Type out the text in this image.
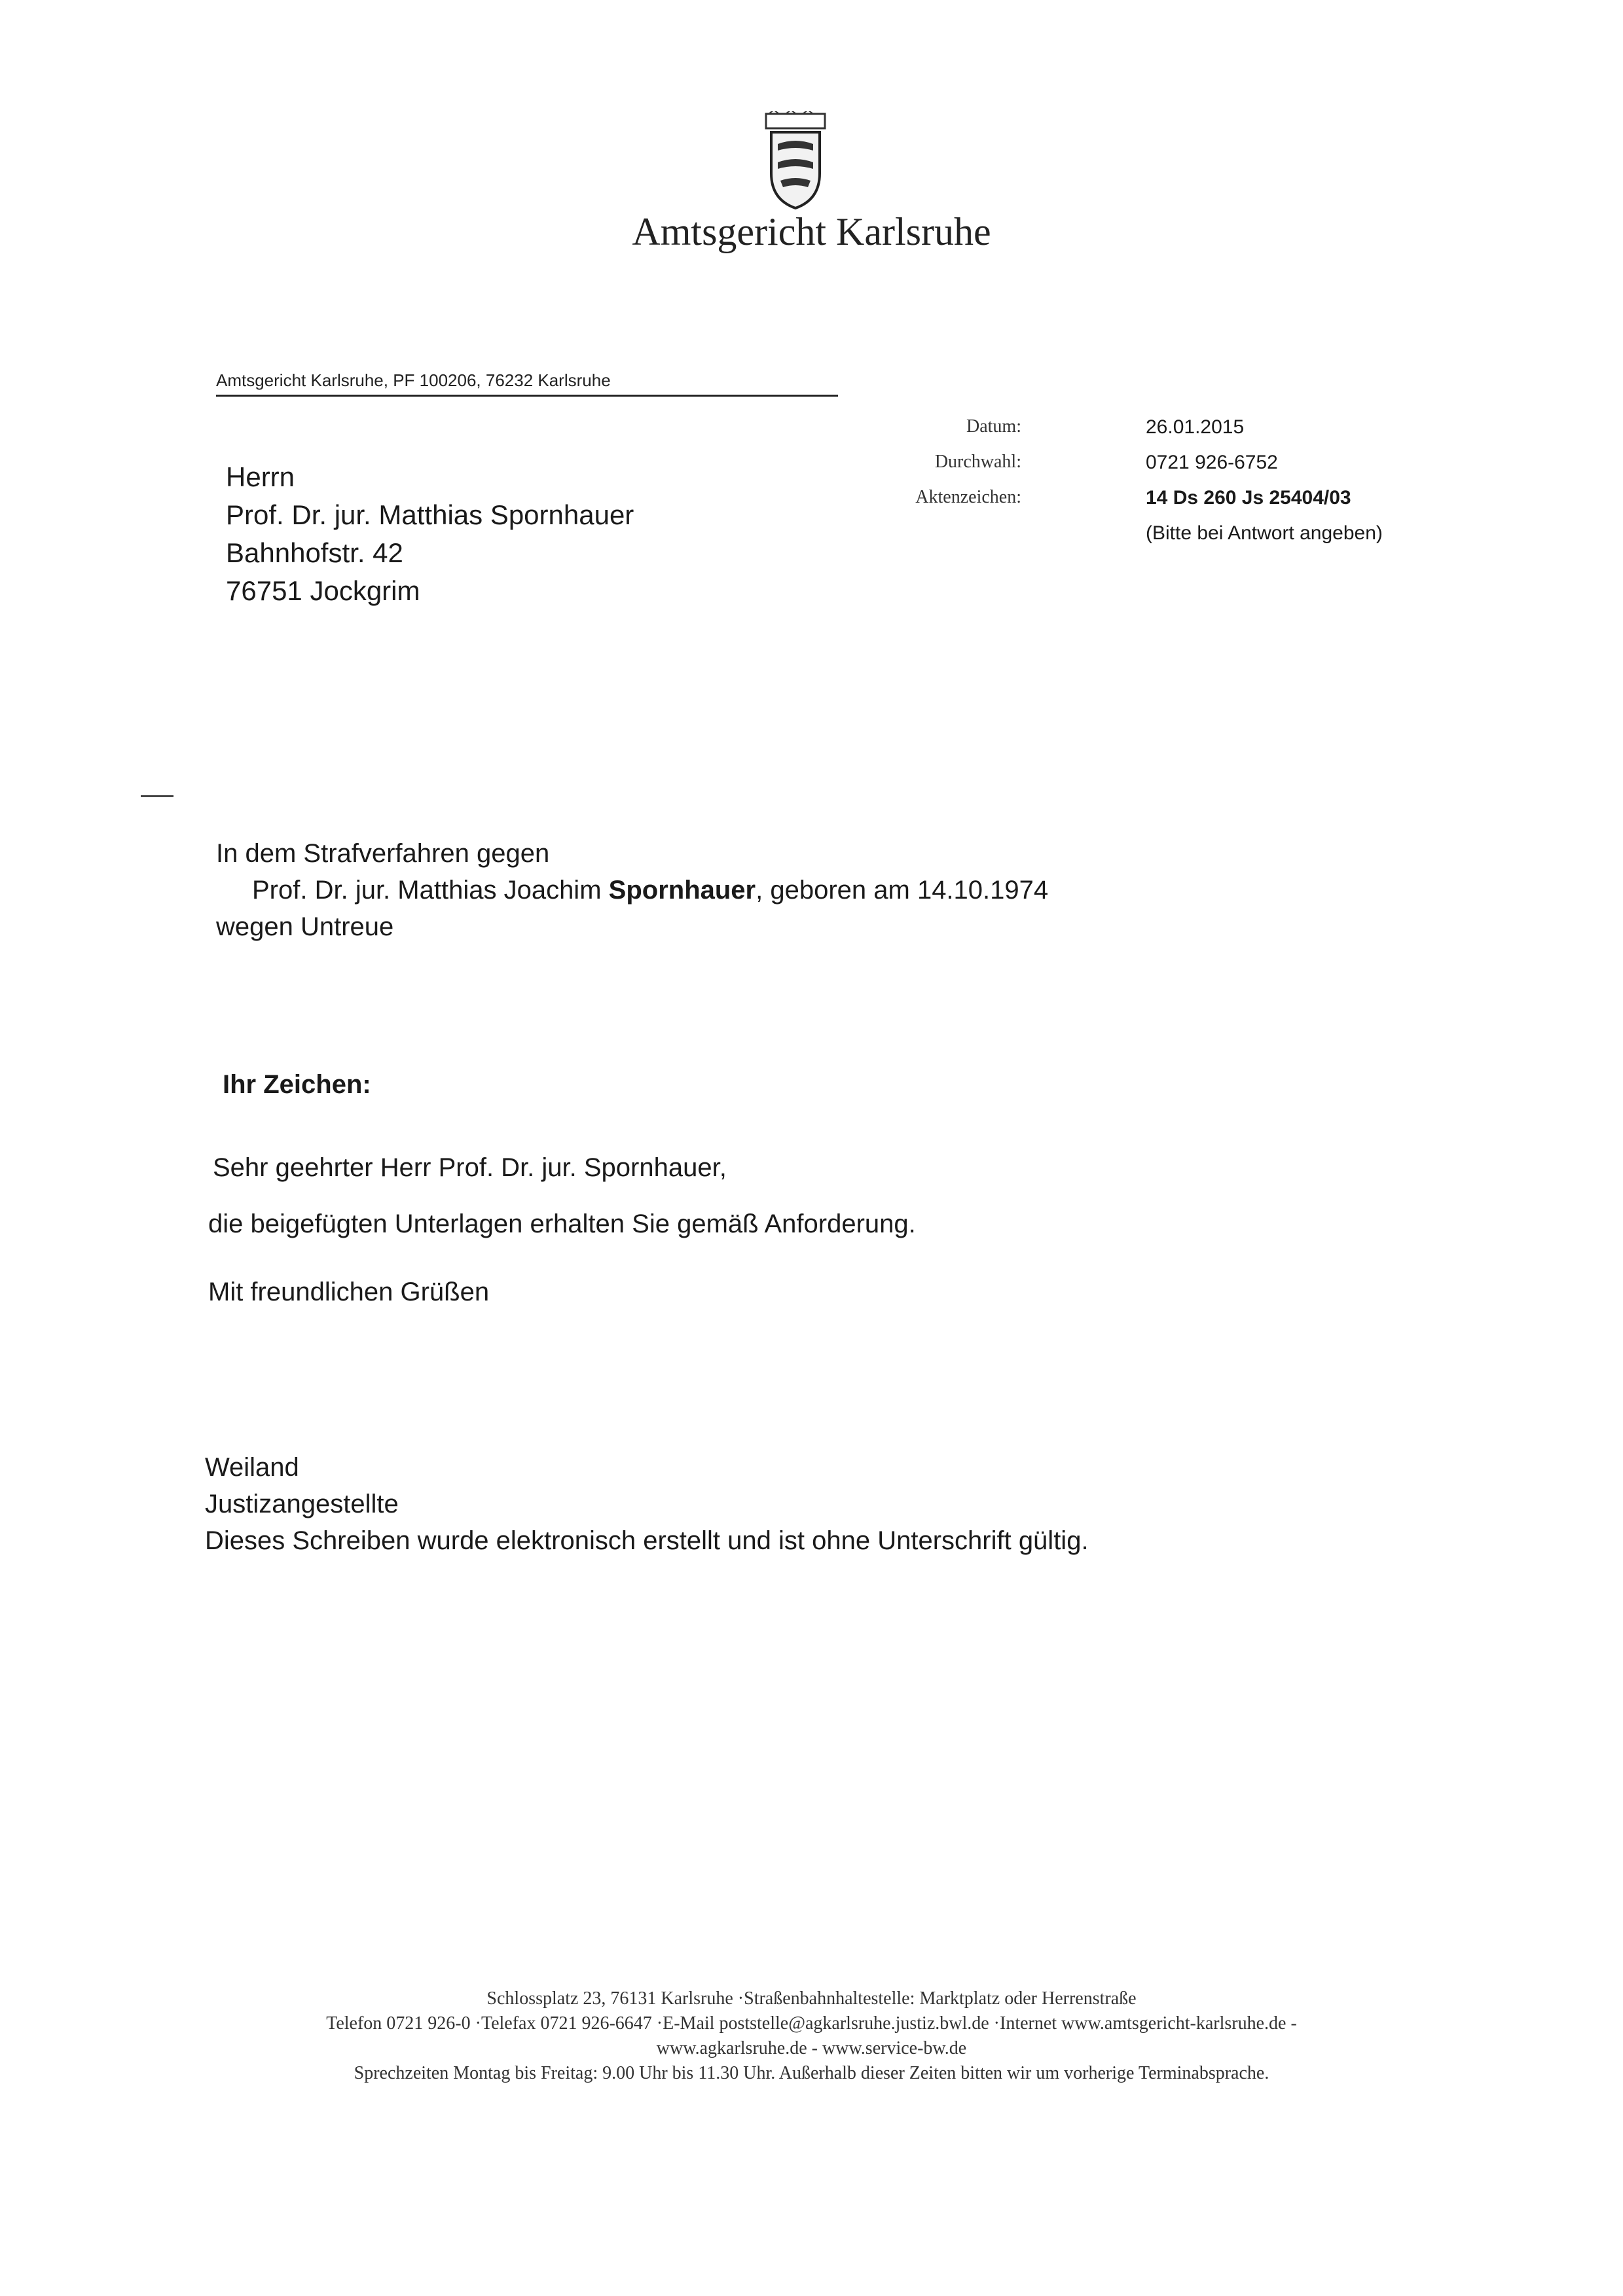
Amtsgericht Karlsruhe
Amtsgericht Karlsruhe, PF 100206, 76232 Karlsruhe
Datum:	26.01.2015
Durchwahl:	0721 926-6752
Aktenzeichen:	14 Ds 260 Js 25404/03
(Bitte bei Antwort angeben)
Herrn
Prof. Dr. jur. Matthias Spornhauer
Bahnhofstr. 42
76751 Jockgrim
In dem Strafverfahren gegen
Prof. Dr. jur. Matthias Joachim Spornhauer, geboren am 14.10.1974
wegen Untreue
Ihr Zeichen:
Sehr geehrter Herr Prof. Dr. jur. Spornhauer,
die beigefügten Unterlagen erhalten Sie gemäß Anforderung.
Mit freundlichen Grüßen
Weiland
Justizangestellte
Dieses Schreiben wurde elektronisch erstellt und ist ohne Unterschrift gültig.
Schlossplatz 23, 76131 Karlsruhe ·Straßenbahnhaltestelle: Marktplatz oder Herrenstraße
Telefon 0721 926-0 ·Telefax 0721 926-6647 ·E-Mail poststelle@agkarlsruhe.justiz.bwl.de ·Internet www.amtsgericht-karlsruhe.de -
www.agkarlsruhe.de - www.service-bw.de
Sprechzeiten Montag bis Freitag: 9.00 Uhr bis 11.30 Uhr. Außerhalb dieser Zeiten bitten wir um vorherige Terminabsprache.
